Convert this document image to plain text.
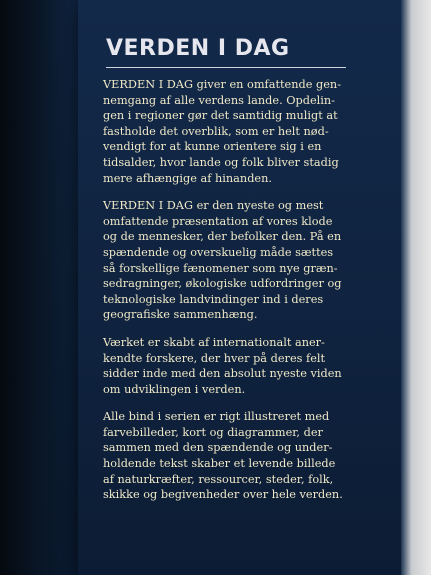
VERDEN I DAG
VERDEN I DAG giver en omfattende gen-
nemgang af alle verdens lande. Opdelin-
gen i regioner gør det samtidig muligt at
fastholde det overblik, som er helt nød-
vendigt for at kunne orientere sig i en
tidsalder, hvor lande og folk bliver stadig
mere afhængige af hinanden.
VERDEN I DAG er den nyeste og mest
omfattende præsentation af vores klode
og de mennesker, der befolker den. På en
spændende og overskuelig måde sættes
så forskellige fænomener som nye græn-
sedragninger, økologiske udfordringer og
teknologiske landvindinger ind i deres
geografiske sammenhæng.
Værket er skabt af internationalt aner-
kendte forskere, der hver på deres felt
sidder inde med den absolut nyeste viden
om udviklingen i verden.
Alle bind i serien er rigt illustreret med
farvebilleder, kort og diagrammer, der
sammen med den spændende og under-
holdende tekst skaber et levende billede
af naturkræfter, ressourcer, steder, folk,
skikke og begivenheder over hele verden.
